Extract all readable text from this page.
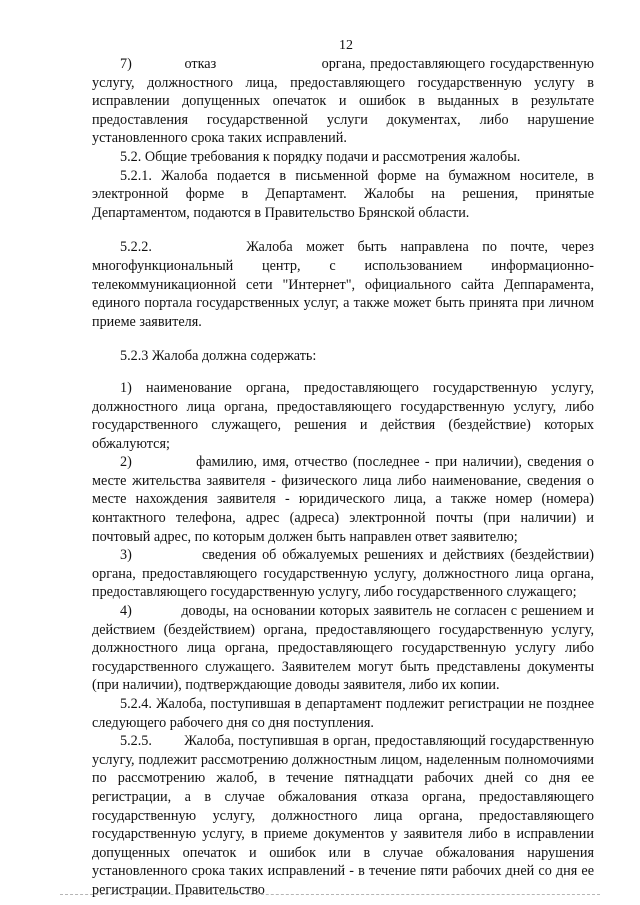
12

7)           отказ                      органа, предоставляющего государственную услугу, должностного лица, предоставляющего государственную услугу в исправлении допущенных опечаток и ошибок в выданных в результате предоставления государственной услуги документах, либо нарушение установленного срока таких исправлений.

5.2. Общие требования к порядку подачи и рассмотрения жалобы.

5.2.1. Жалоба подается в письменной форме на бумажном носителе, в электронной форме в Департамент. Жалобы на решения, принятые Департаментом, подаются в Правительство Брянской области.

5.2.2.       Жалоба может быть направлена по почте, через многофункциональный центр, с использованием информационно-телекоммуникационной сети "Интернет", официального сайта Деппарамента, единого портала государственных услуг, а также может быть принята при личном приеме заявителя.

5.2.3 Жалоба должна содержать:

1) наименование органа, предоставляющего государственную услугу, должностного лица органа, предоставляющего государственную услугу, либо государственного служащего, решения и действия (бездействие) которых обжалуются;

2)            фамилию, имя, отчество (последнее - при наличии), сведения о месте жительства заявителя - физического лица либо наименование, сведения о месте нахождения заявителя - юридического лица, а также номер (номера) контактного телефона, адрес (адреса) электронной почты (при наличии) и почтовый адрес, по которым должен быть направлен ответ заявителю;

3)            сведения об обжалуемых решениях и действиях (бездействии) органа, предоставляющего государственную услугу, должностного лица органа, предоставляющего государственную услугу, либо государственного служащего;

4)            доводы, на основании которых заявитель не согласен с решением и действием (бездействием) органа, предоставляющего государственную услугу, должностного лица органа, предоставляющего государственную услугу либо государственного служащего. Заявителем могут быть представлены документы (при наличии), подтверждающие доводы заявителя, либо их копии.

5.2.4. Жалоба, поступившая в департамент подлежит регистрации не позднее следующего рабочего дня со дня поступления.

5.2.5.        Жалоба, поступившая в орган, предоставляющий государственную услугу, подлежит рассмотрению должностным лицом, наделенным полномочиями по рассмотрению жалоб, в течение пятнадцати рабочих дней со дня ее регистрации, а в случае обжалования отказа органа, предоставляющего государственную услугу, должностного лица органа, предоставляющего государственную услугу, в приеме документов у заявителя либо в исправлении допущенных опечаток и ошибок или в случае обжалования нарушения установленного срока таких исправлений - в течение пяти рабочих дней со дня ее регистрации. Правительство
